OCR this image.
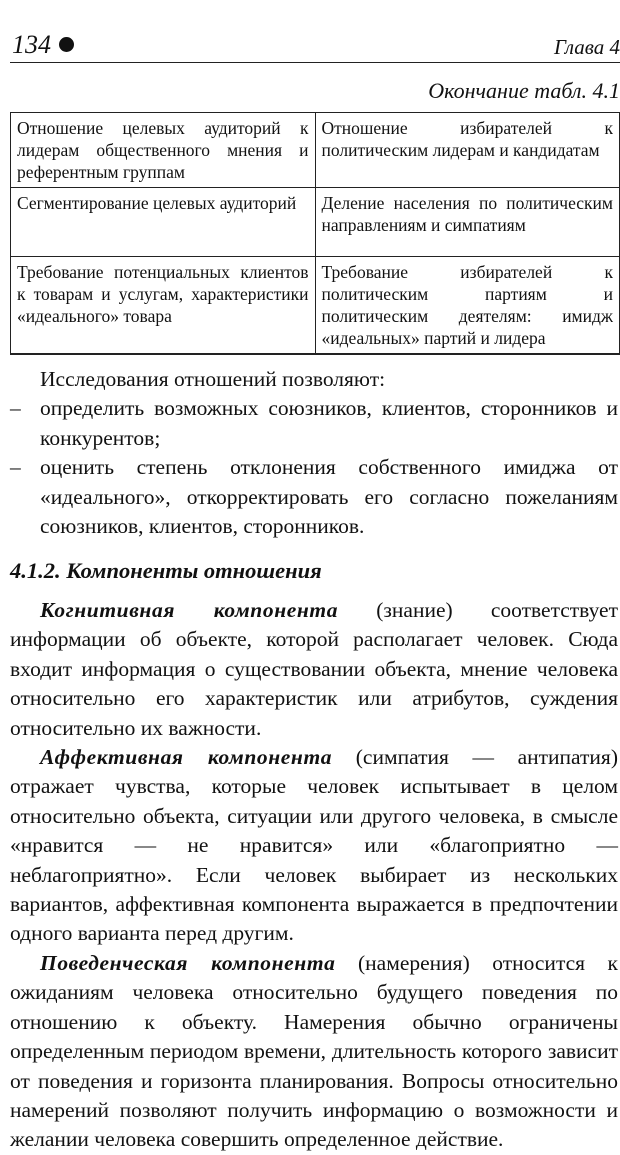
134	Глава 4
Окончание табл. 4.1
Отношение целевых аудиторий к лидерам общественного мнения и референтным группам	Отношение избирателей к политическим лидерам и кандидатам
Сегментирование целевых аудиторий	Деление населения по политическим направлениям и симпатиям
Требование потенциальных клиентов к товарам и услугам, характеристики «идеального» товара	Требование избирателей к политическим партиям и политическим деятелям: имидж «идеальных» партий и лидера

Исследования отношений позволяют:

– определить возможных союзников, клиентов, сторонников и конкурентов;

– оценить степень отклонения собственного имиджа от «идеального», откорректировать его согласно пожеланиям союзников, клиентов, сторонников.

4.1.2. Компоненты отношения

Когнитивная компонента (знание) соответствует информации об объекте, которой располагает человек. Сюда входит информация о существовании объекта, мнение человека относительно его характеристик или атрибутов, суждения относительно их важности.

Аффективная компонента (симпатия — антипатия) отражает чувства, которые человек испытывает в целом относительно объекта, ситуации или другого человека, в смысле «нравится — не нравится» или «благоприятно — неблагоприятно». Если человек выбирает из нескольких вариантов, аффективная компонента выражается в предпочтении одного варианта перед другим.

Поведенческая компонента (намерения) относится к ожиданиям человека относительно будущего поведения по отношению к объекту. Намерения обычно ограничены определенным периодом времени, длительность которого зависит от поведения и горизонта планирования. Вопросы относительно намерений позволяют получить информацию о возможности и желании человека совершить определенное действие.
